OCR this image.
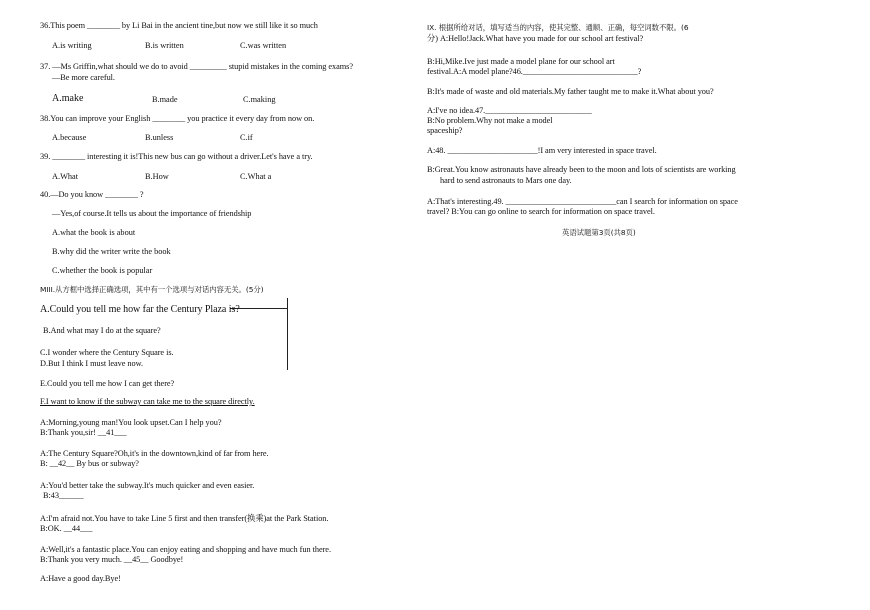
36.This poem ________ by Li Bai in the ancient tine,but now we still like it so much
A.is writing	B.is written	C.was written
37. —Ms Griffin,what should we do to avoid _________ stupid mistakes in the coming exams?
—Be more careful.
A.make	B.made	C.making
38.You can improve your English ________ you practice it every day from now on.
A.because	B.unless	C.if
39. ________ interesting it is!This new bus can go without a driver.Let's have a try.
A.What	B.How	C.What a
40.—Do you know ________ ?
—Yes,of course.It tells us about the importance of friendship
A.what the book is about
B.why did the writer write the book
C.whether the book is popular
MIII.从方框中选择正确选项，其中有一个选项与对话内容无关。(5分)
A.Could you tell me how far the Century Plaza is?
B.And what may I do at the square?
C.I wonder where the Century Square is.
D.But I think I must leave now.
E.Could you tell me how I can get there?
F.I want to know if the subway can take me to the square directly.
A:Morning,young man!You look upset.Can I help you?
B:Thank you,sir! __41___
A:The Century Square?Oh,it's in the downtown,kind of far from here.
B: __42__ By bus or subway?
A:You'd better take the subway.It's much quicker and even easier.
B:43______
A:I'm afraid not.You have to take Line 5 first and then transfer(换乘)at the Park Station.
B:OK. __44___
A:Well,it's a fantastic place.You can enjoy eating and shopping and have much fun there.
B:Thank you very much. __45__ Goodbye!
A:Have a good day.Bye!
IX. 根据所给对话，填写适当的内容，使其完整、通顺、正确，每空词数不限。(6
分) A:Hello!Jack.What have you made for our school art festival?
B:Hi,Mike.Ive just made a model plane for our school art
festival.A:A model plane?46.____________________________?
B:It's made of waste and old materials.My father taught me to make it.What about you?
A:I've no idea.47.__________________________
B:No problem.Why not make a model
spaceship?
A:48. ______________________!I am very interested in space travel.
B:Great.You know astronauts have already been to the moon and lots of scientists are working
hard to send astronauts to Mars one day.
A:That's interesting.49. ___________________________can I search for information on space
travel? B:You can go online to search for information on space travel.
英语试题第3页(共8页)
